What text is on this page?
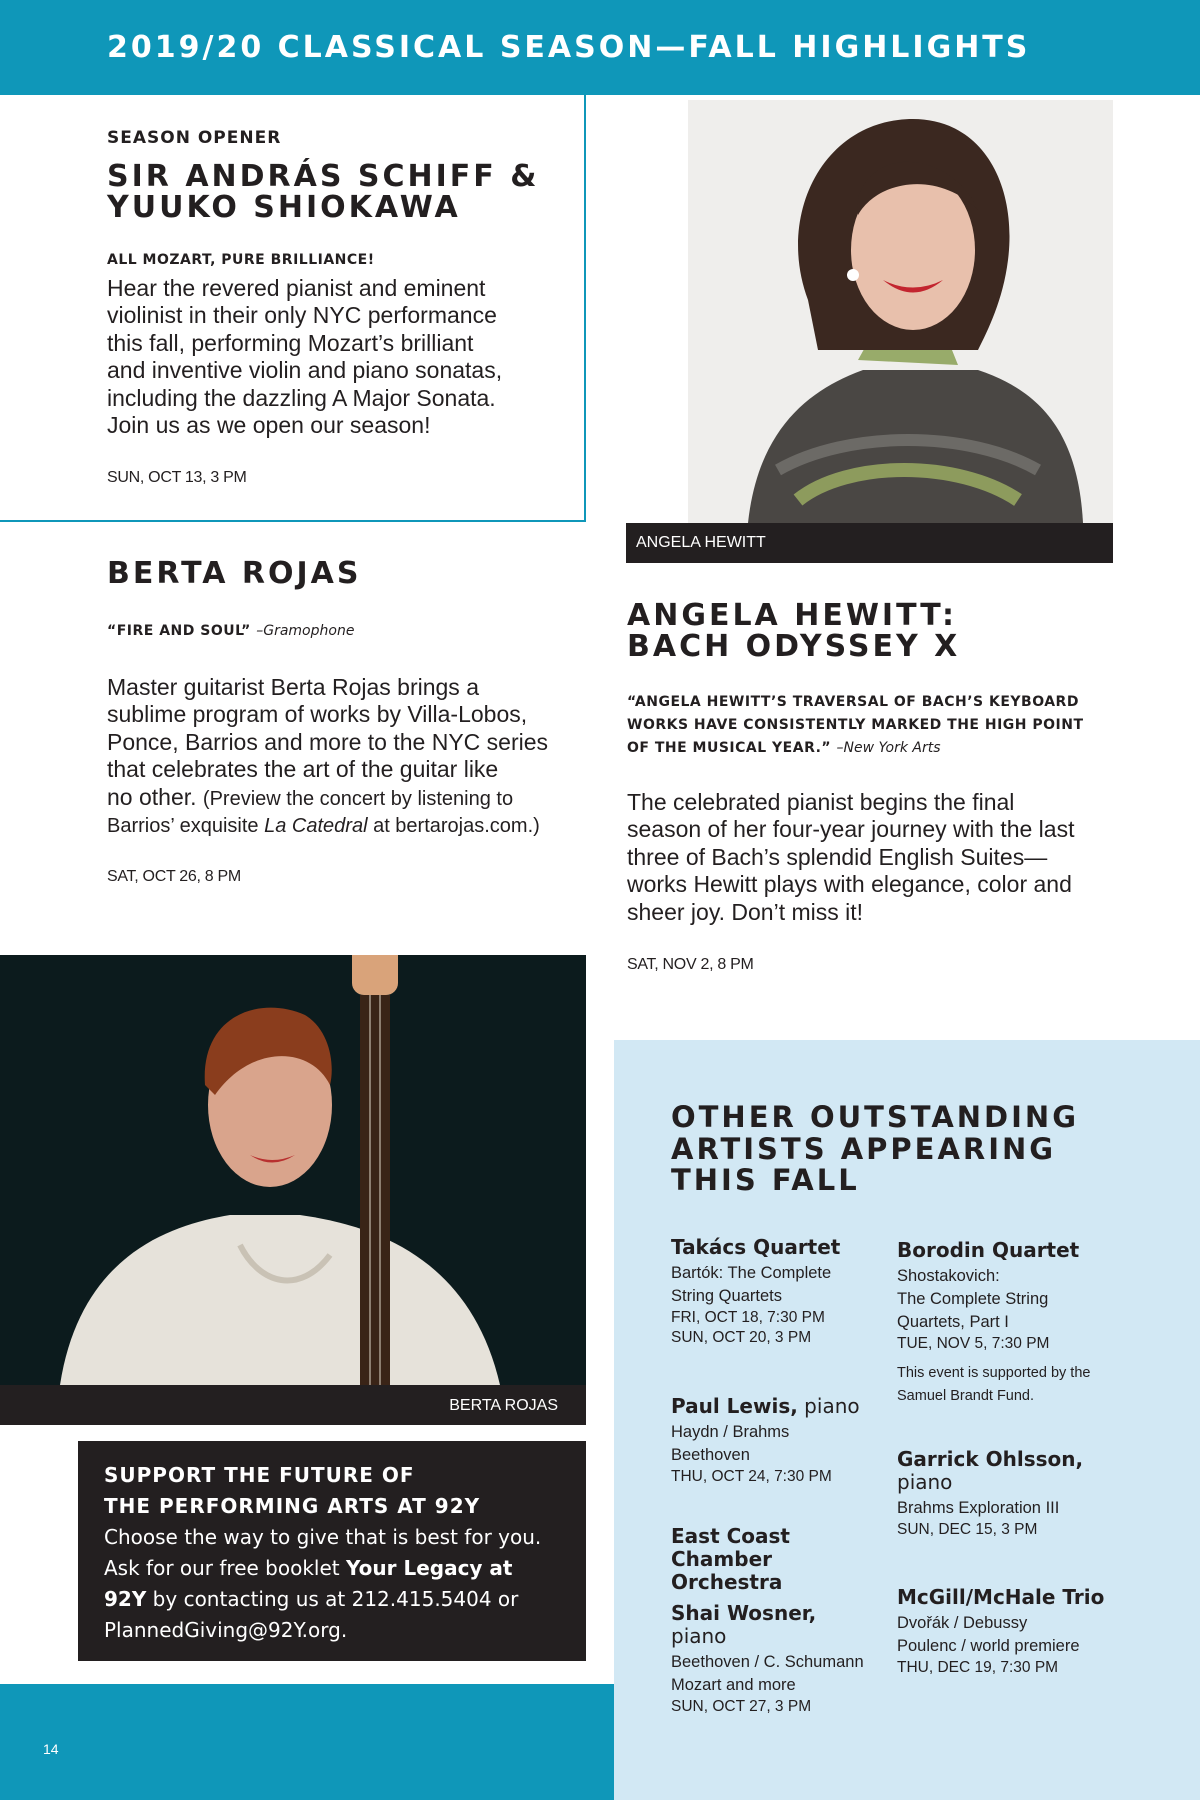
2019/20 CLASSICAL SEASON—FALL HIGHLIGHTS
SEASON OPENER
SIR ANDRÁS SCHIFF &
YUUKO SHIOKAWA
ALL MOZART, PURE BRILLIANCE!
Hear the revered pianist and eminent
violinist in their only NYC performance
this fall, performing Mozart’s brilliant
and inventive violin and piano sonatas,
including the dazzling A Major Sonata.
Join us as we open our season!
SUN, OCT 13, 3 PM
ANGELA HEWITT
BERTA ROJAS
“FIRE AND SOUL” –Gramophone
Master guitarist Berta Rojas brings a
sublime program of works by Villa-Lobos,
Ponce, Barrios and more to the NYC series
that celebrates the art of the guitar like
no other. (Preview the concert by listening to
Barrios’ exquisite La Catedral at bertarojas.com.)
SAT, OCT 26, 8 PM
BERTA ROJAS
ANGELA HEWITT:
BACH ODYSSEY X
“ANGELA HEWITT’S TRAVERSAL OF BACH’S KEYBOARD
WORKS HAVE CONSISTENTLY MARKED THE HIGH POINT
OF THE MUSICAL YEAR.” –New York Arts
The celebrated pianist begins the final
season of her four-year journey with the last
three of Bach’s splendid English Suites—
works Hewitt plays with elegance, color and
sheer joy. Don’t miss it!
SAT, NOV 2, 8 PM
SUPPORT THE FUTURE OF
THE PERFORMING ARTS AT 92Y
Choose the way to give that is best for you.
Ask for our free booklet Your Legacy at
92Y by contacting us at 212.415.5404 or
PlannedGiving@92Y.org.
14
OTHER OUTSTANDING
ARTISTS APPEARING
THIS FALL
Takács Quartet
Bartók: The Complete
String Quartets
FRI, OCT 18, 7:30 PM
SUN, OCT 20, 3 PM
Paul Lewis, piano
Haydn / Brahms
Beethoven
THU, OCT 24, 7:30 PM
East Coast
Chamber
Orchestra
Shai Wosner,
piano
Beethoven / C. Schumann
Mozart and more
SUN, OCT 27, 3 PM
Borodin Quartet
Shostakovich:
The Complete String
Quartets, Part I
TUE, NOV 5, 7:30 PM
This event is supported by the
Samuel Brandt Fund.
Garrick Ohlsson,
piano
Brahms Exploration III
SUN, DEC 15, 3 PM
McGill/McHale Trio
Dvořák / Debussy
Poulenc / world premiere
THU, DEC 19, 7:30 PM
